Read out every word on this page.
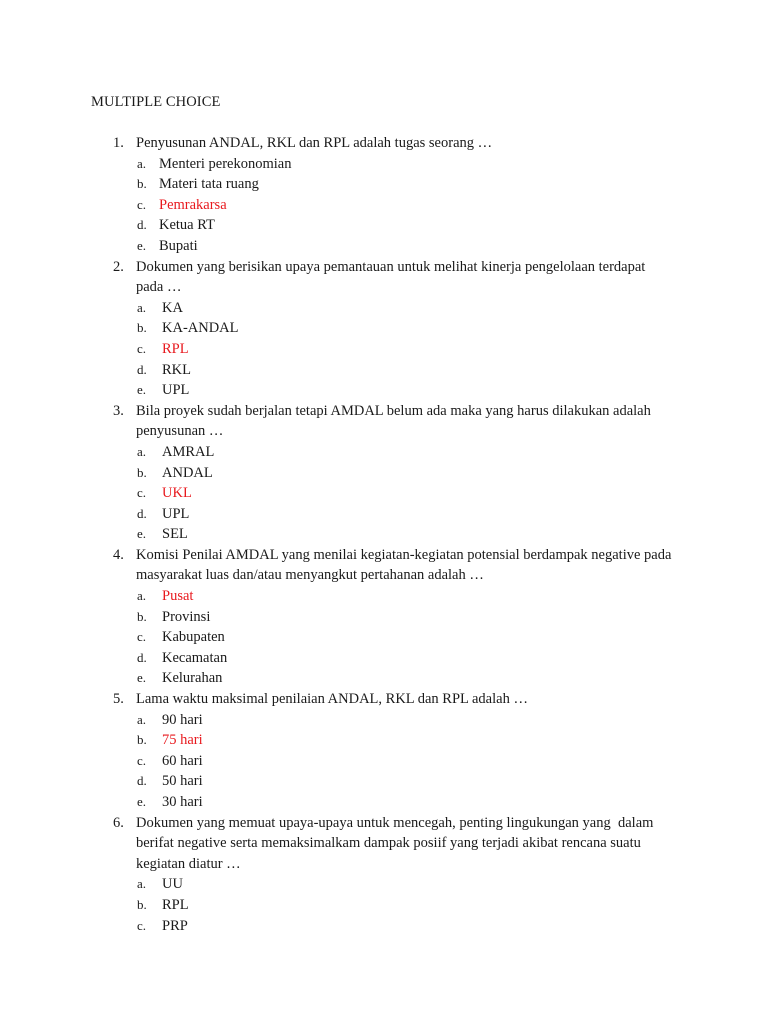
MULTIPLE CHOICE
1. Penyusunan ANDAL, RKL dan RPL adalah tugas seorang …
a. Menteri perekonomian
b. Materi tata ruang
c. Pemrakarsa
d. Ketua RT
e. Bupati
2. Dokumen yang berisikan upaya pemantauan untuk melihat kinerja pengelolaan terdapat pada …
a. KA
b. KA-ANDAL
c. RPL
d. RKL
e. UPL
3. Bila proyek sudah berjalan tetapi AMDAL belum ada maka yang harus dilakukan adalah penyusunan …
a. AMRAL
b. ANDAL
c. UKL
d. UPL
e. SEL
4. Komisi Penilai AMDAL yang menilai kegiatan-kegiatan potensial berdampak negative pada masyarakat luas dan/atau menyangkut pertahanan adalah …
a. Pusat
b. Provinsi
c. Kabupaten
d. Kecamatan
e. Kelurahan
5. Lama waktu maksimal penilaian ANDAL, RKL dan RPL adalah …
a. 90 hari
b. 75 hari
c. 60 hari
d. 50 hari
e. 30 hari
6. Dokumen yang memuat upaya-upaya untuk mencegah, penting lingukungan yang  dalam berifat negative serta memaksimalkam dampak posiif yang terjadi akibat rencana suatu kegiatan diatur …
a. UU
b. RPL
c. PRP
